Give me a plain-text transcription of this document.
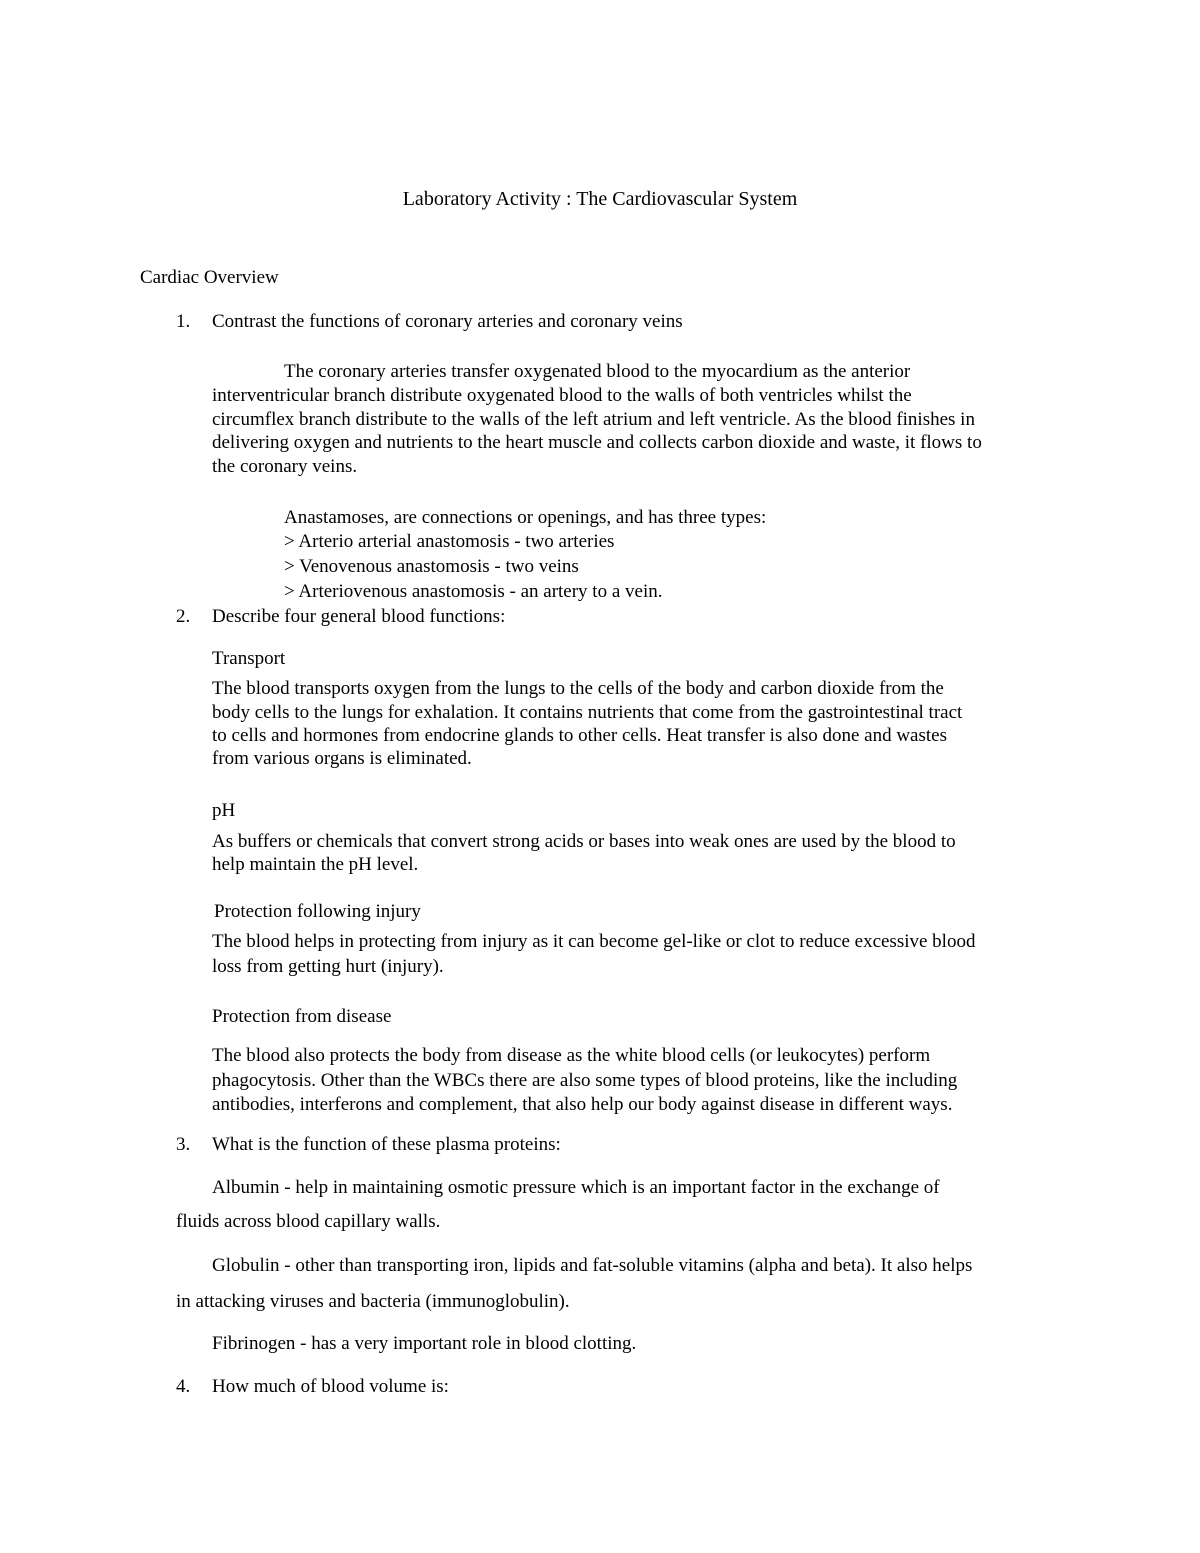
Laboratory Activity : The Cardiovascular System
Cardiac Overview
1. Contrast the functions of coronary arteries and coronary veins
The coronary arteries transfer oxygenated blood to the myocardium as the anterior
interventricular branch distribute oxygenated blood to the walls of both ventricles whilst the
circumflex branch distribute to the walls of the left atrium and left ventricle. As the blood finishes in
delivering oxygen and nutrients to the heart muscle and collects carbon dioxide and waste, it flows to
the coronary veins.
Anastamoses, are connections or openings, and has three types:
> Arterio arterial anastomosis - two arteries
> Venovenous anastomosis - two veins
> Arteriovenous anastomosis - an artery to a vein.
2. Describe four general blood functions:
Transport
The blood transports oxygen from the lungs to the cells of the body and carbon dioxide from the
body cells to the lungs for exhalation. It contains nutrients that come from the gastrointestinal tract
to cells and hormones from endocrine glands to other cells. Heat transfer is also done and wastes
from various organs is eliminated.
pH
As buffers or chemicals that convert strong acids or bases into weak ones are used by the blood to
help maintain the pH level.
Protection following injury
The blood helps in protecting from injury as it can become gel-like or clot to reduce excessive blood
loss from getting hurt (injury).
Protection from disease
The blood also protects the body from disease as the white blood cells (or leukocytes) perform
phagocytosis. Other than the WBCs there are also some types of blood proteins, like the including
antibodies, interferons and complement, that also help our body against disease in different ways.
3. What is the function of these plasma proteins:
Albumin - help in maintaining osmotic pressure which is an important factor in the exchange of
fluids across blood capillary walls.
Globulin - other than transporting iron, lipids and fat-soluble vitamins (alpha and beta). It also helps
in attacking viruses and bacteria (immunoglobulin).
Fibrinogen - has a very important role in blood clotting.
4. How much of blood volume is:
